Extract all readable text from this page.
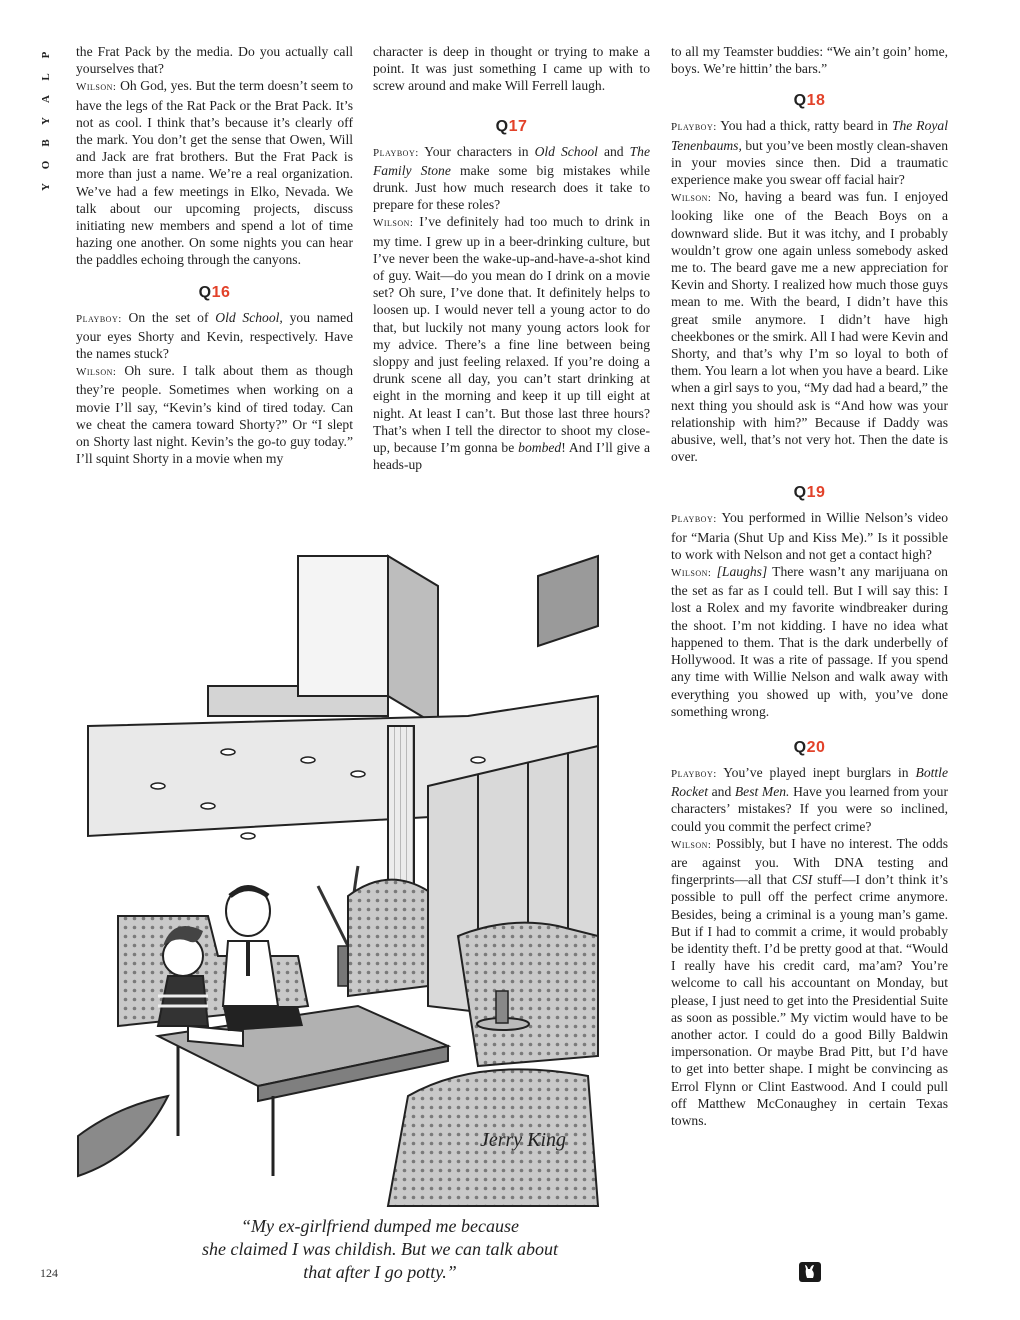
P
L
A
Y
B
O
Y

the Frat Pack by the media. Do you actually call yourselves that?

Wilson: Oh God, yes. But the term doesn’t seem to have the legs of the Rat Pack or the Brat Pack. It’s not as cool. I think that’s because it’s clearly off the mark. You don’t get the sense that Owen, Will and Jack are frat brothers. But the Frat Pack is more than just a name. We’re a real organization. We’ve had a few meetings in Elko, Nevada. We talk about our upcoming projects, discuss initiating new members and spend a lot of time hazing one another. On some nights you can hear the paddles echoing through the canyons.

Q16

Playboy: On the set of Old School, you named your eyes Shorty and Kevin, respectively. Have the names stuck?

Wilson: Oh sure. I talk about them as though they’re people. Sometimes when working on a movie I’ll say, “Kevin’s kind of tired today. Can we cheat the camera toward Shorty?” Or “I slept on Shorty last night. Kevin’s the go-to guy today.” I’ll squint Shorty in a movie when my

character is deep in thought or trying to make a point. It was just something I came up with to screw around and make Will Ferrell laugh.

Q17

Playboy: Your characters in Old School and The Family Stone make some big mistakes while drunk. Just how much research does it take to prepare for these roles?

Wilson: I’ve definitely had too much to drink in my time. I grew up in a beer-drinking culture, but I’ve never been the wake-up-and-have-a-shot kind of guy. Wait—do you mean do I drink on a movie set? Oh sure, I’ve done that. It definitely helps to loosen up. I would never tell a young actor to do that, but luckily not many young actors look for my advice. There’s a fine line between being sloppy and just feeling relaxed. If you’re doing a drunk scene all day, you can’t start drinking at eight in the morning and keep it up till eight at night. At least I can’t. But those last three hours? That’s when I tell the director to shoot my close-up, because I’m gonna be bombed! And I’ll give a heads-up

to all my Teamster buddies: “We ain’t goin’ home, boys. We’re hittin’ the bars.”

Q18

Playboy: You had a thick, ratty beard in The Royal Tenenbaums, but you’ve been mostly clean-shaven in your movies since then. Did a traumatic experience make you swear off facial hair?

Wilson: No, having a beard was fun. I enjoyed looking like one of the Beach Boys on a downward slide. But it was itchy, and I probably wouldn’t grow one again unless somebody asked me to. The beard gave me a new appreciation for Kevin and Shorty. I realized how much those guys mean to me. With the beard, I didn’t have this great smile anymore. I didn’t have high cheekbones or the smirk. All I had were Kevin and Shorty, and that’s why I’m so loyal to both of them. You learn a lot when you have a beard. Like when a girl says to you, “My dad had a beard,” the next thing you should ask is “And how was your relationship with him?” Because if Daddy was abusive, well, that’s not very hot. Then the date is over.

Q19

Playboy: You performed in Willie Nelson’s video for “Maria (Shut Up and Kiss Me).” Is it possible to work with Nelson and not get a contact high?

Wilson: [Laughs] There wasn’t any marijuana on the set as far as I could tell. But I will say this: I lost a Rolex and my favorite windbreaker during the shoot. I’m not kidding. I have no idea what happened to them. That is the dark underbelly of Hollywood. It was a rite of passage. If you spend any time with Willie Nelson and walk away with everything you showed up with, you’ve done something wrong.

Q20

Playboy: You’ve played inept burglars in Bottle Rocket and Best Men. Have you learned from your characters’ mistakes? If you were so inclined, could you commit the perfect crime?

Wilson: Possibly, but I have no interest. The odds are against you. With DNA testing and fingerprints—all that CSI stuff—I don’t think it’s possible to pull off the perfect crime anymore. Besides, being a criminal is a young man’s game. But if I had to commit a crime, it would probably be identity theft. I’d be pretty good at that. “Would I really have his credit card, ma’am? You’re welcome to call his accountant on Monday, but please, I just need to get into the Presidential Suite as soon as possible.” My victim would have to be another actor. I could do a good Billy Baldwin impersonation. Or maybe Brad Pitt, but I’d have to get into better shape. I might be convincing as Errol Flynn or Clint Eastwood. And I could pull off Matthew McConaughey in certain Texas towns.

Jerry King
“My ex-girlfriend dumped me because
she claimed I was childish. But we can talk about
that after I go potty.”
124
